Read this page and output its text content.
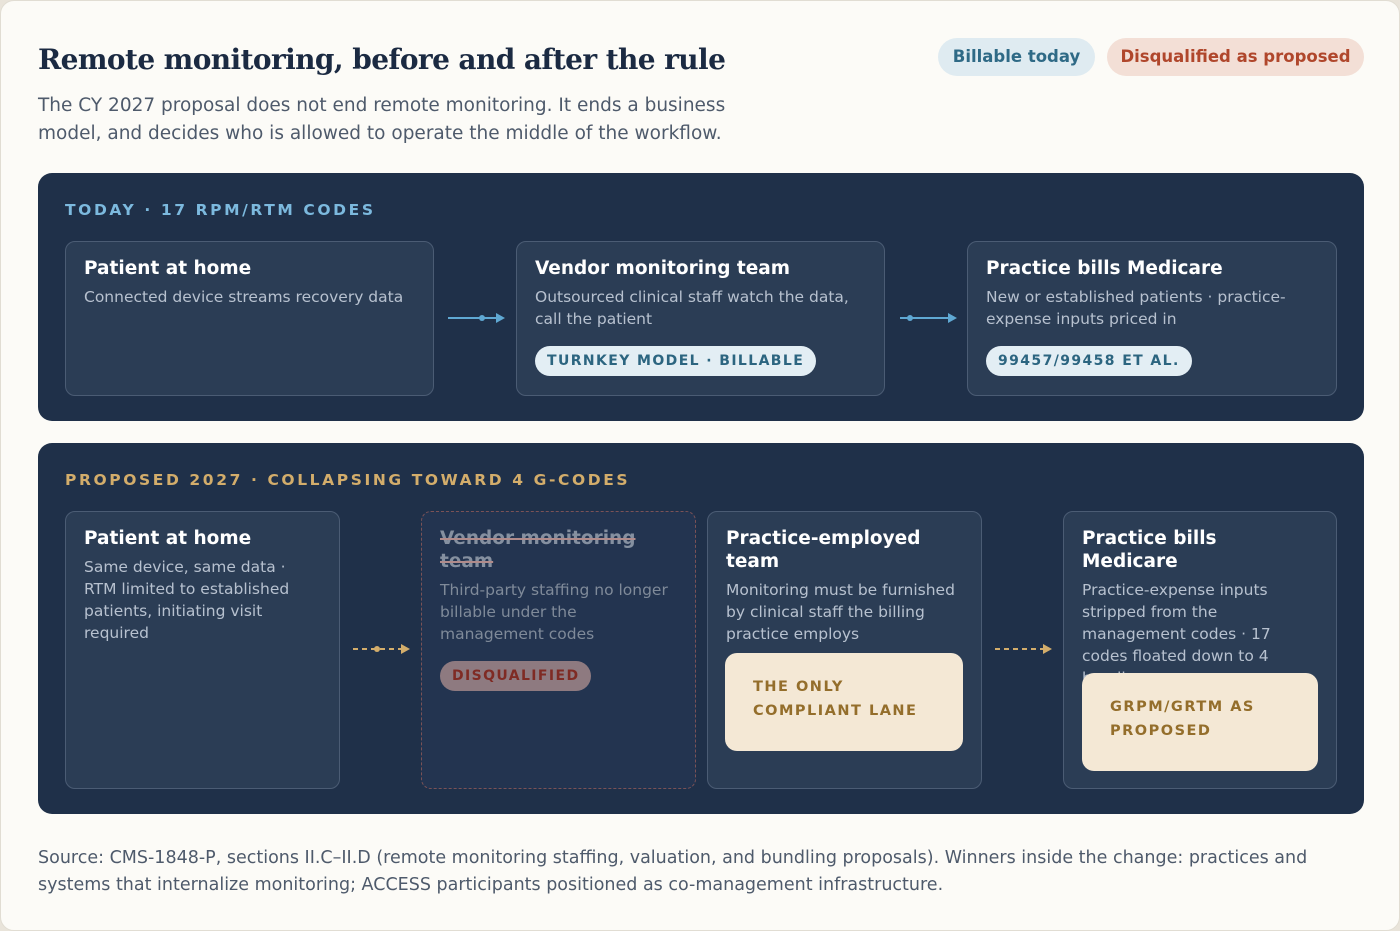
Remote monitoring, before and after the rule
The CY 2027 proposal does not end remote monitoring. It ends a business model, and decides who is allowed to operate the middle of the workflow.
Billable today	Disqualified as proposed
TODAY · 17 RPM/RTM CODES
Patient at home
Connected device streams recovery data
Vendor monitoring team
Outsourced clinical staff watch the data, call the patient
TURNKEY MODEL · BILLABLE
Practice bills Medicare
New or established patients · practice-expense inputs priced in
99457/99458 ET AL.
PROPOSED 2027 · COLLAPSING TOWARD 4 G-CODES
Patient at home
Same device, same data · RTM limited to established patients, initiating visit required
Vendor monitoring team
Third-party staffing no longer billable under the management codes
DISQUALIFIED
Practice-employed team
Monitoring must be furnished by clinical staff the billing practice employs
THE ONLY COMPLIANT LANE
Practice bills Medicare
Practice-expense inputs stripped from the management codes · 17 codes floated down to 4
GRPM/GRTM AS PROPOSED
Source: CMS-1848-P, sections II.C–II.D (remote monitoring staffing, valuation, and bundling proposals). Winners inside the change: practices and systems that internalize monitoring; ACCESS participants positioned as co-management infrastructure.
